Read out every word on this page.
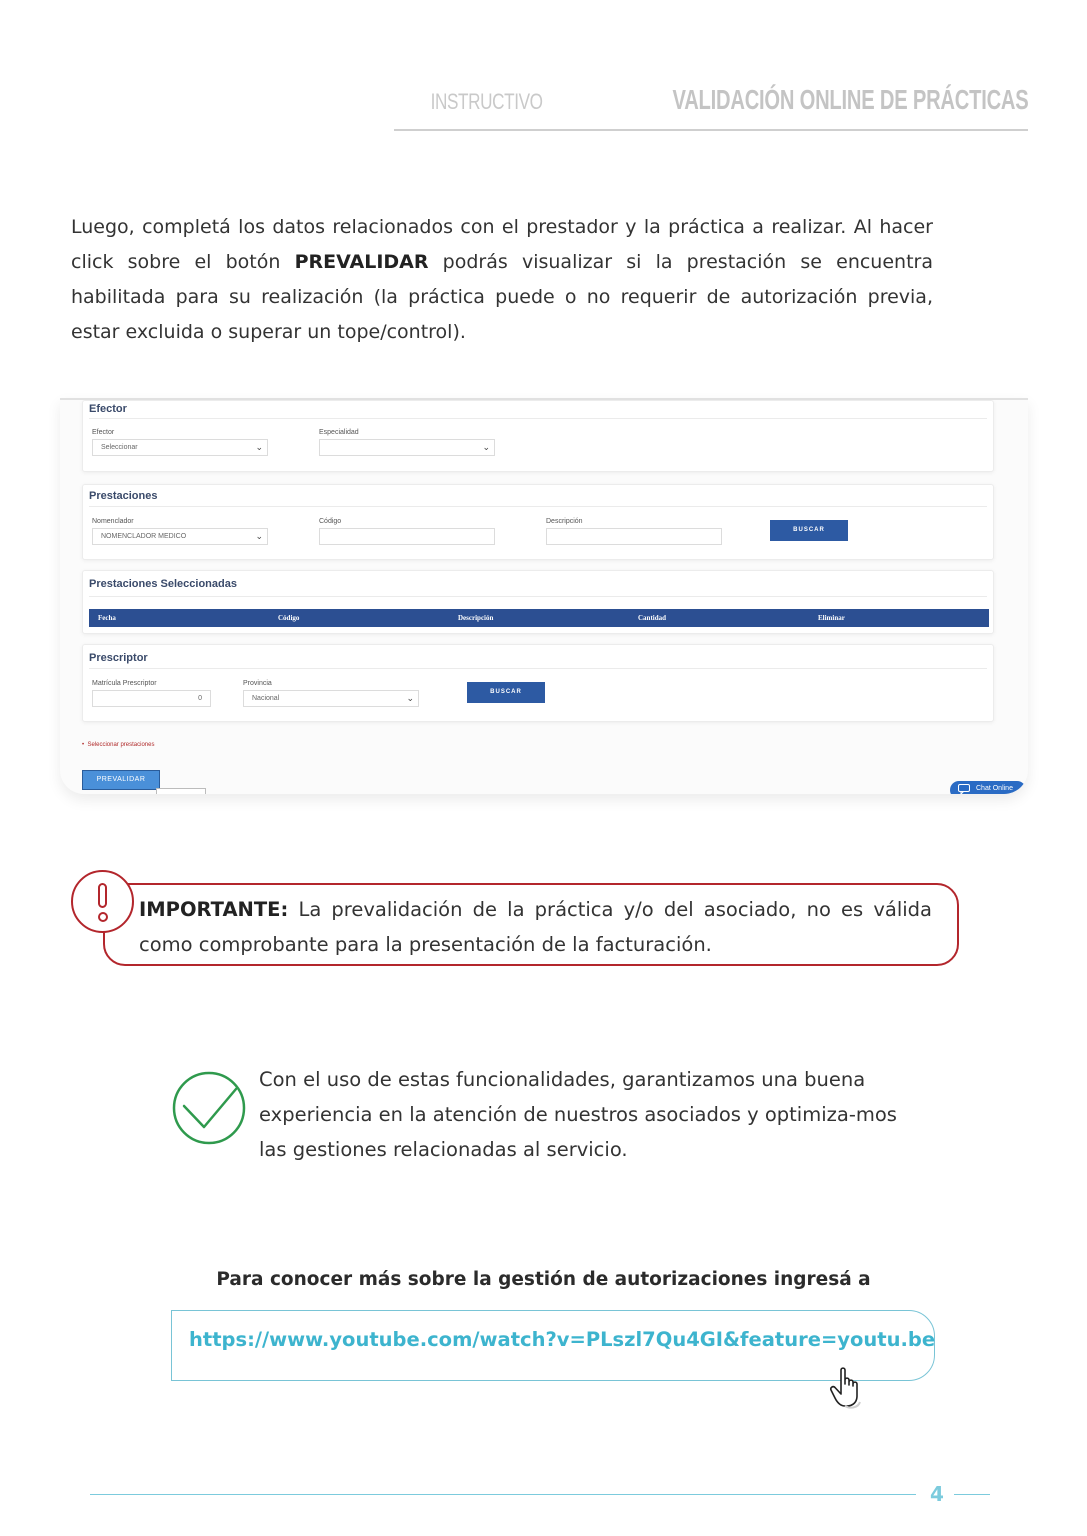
INSTRUCTIVO	VALIDACIÓN ONLINE DE PRÁCTICAS

Luego, completá los datos relacionados con el prestador y la práctica a realizar. Al hacer click sobre el botón PREVALIDAR podrás visualizar si la prestación se encuentra habilitada para su realización (la práctica puede o no requerir de autorización previa, estar excluida o superar un tope/control).

Efector
Efector
Seleccionar	⌄
Especialidad
⌄
Prestaciones
Nomenclador
NOMENCLADOR MEDICO	⌄
Código	Descripción
BUSCAR
Prestaciones Seleccionadas
Fecha	Código	Descripción	Cantidad	Eliminar
Prescriptor
Matrícula Prescriptor
0
Provincia
Nacional	⌄
BUSCAR
•  Seleccionar prestaciones
PREVALIDAR
Chat Online

IMPORTANTE: La prevalidación de la práctica y/o del asociado, no es válida como comprobante para la presentación de la facturación.

Con el uso de estas funcionalidades, garantizamos una buena experiencia en la atención de nuestros asociados y optimiza-mos las gestiones relacionadas al servicio.

Para conocer más sobre la gestión de autorizaciones ingresá a
https://www.youtube.com/watch?v=PLszl7Qu4GI&feature=youtu.be
4
